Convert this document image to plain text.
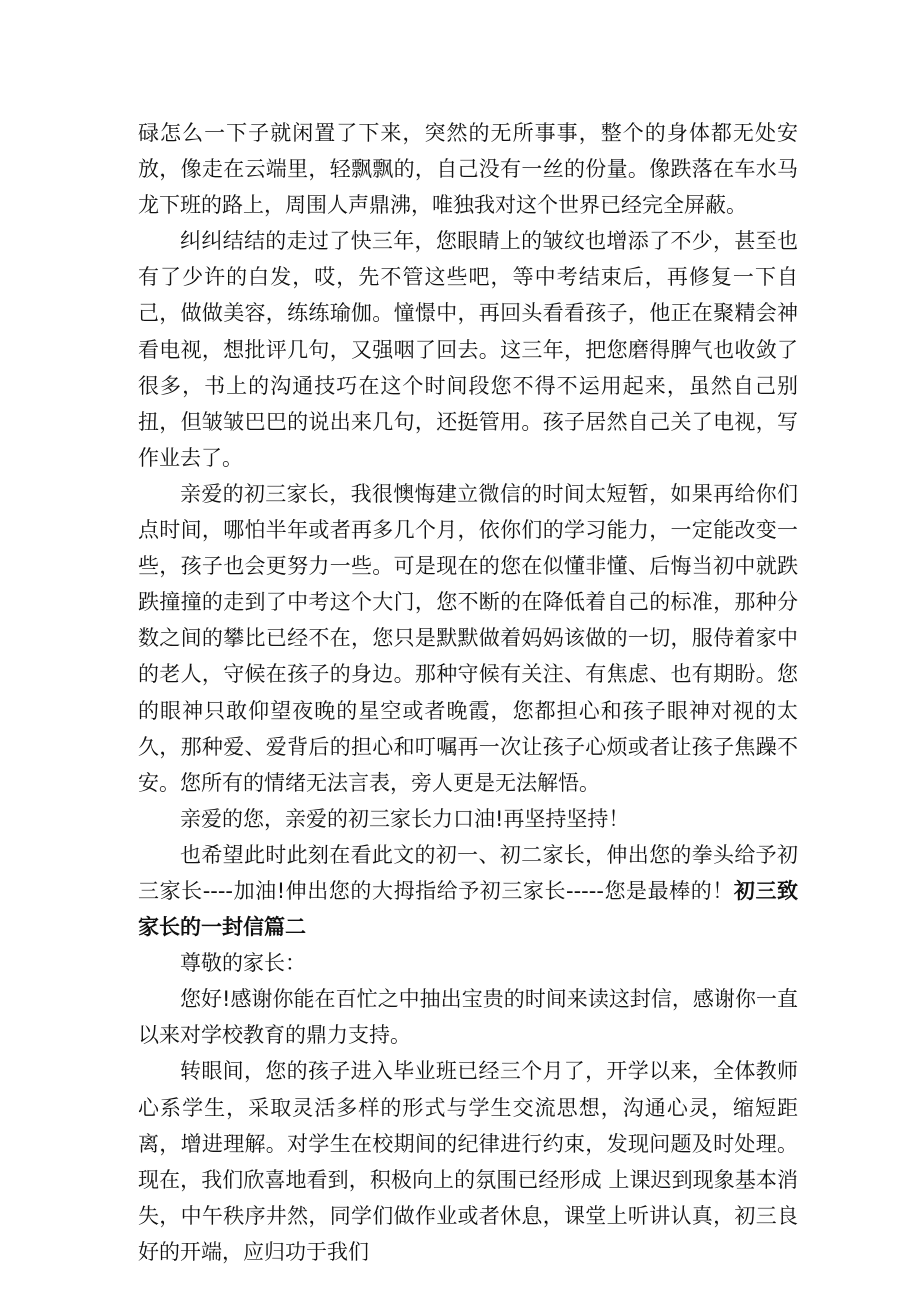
碌怎么一下子就闲置了下来，突然的无所事事，整个的身体都无处安放，像走在云端里，轻飘飘的，自己没有一丝的份量。像跌落在车水马龙下班的路上，周围人声鼎沸，唯独我对这个世界已经完全屏蔽。

纠纠结结的走过了快三年，您眼睛上的皱纹也增添了不少，甚至也有了少许的白发，哎，先不管这些吧，等中考结束后，再修复一下自己，做做美容，练练瑜伽。憧憬中，再回头看看孩子，他正在聚精会神看电视，想批评几句，又强咽了回去。这三年，把您磨得脾气也收敛了很多，书上的沟通技巧在这个时间段您不得不运用起来，虽然自己别扭，但皱皱巴巴的说出来几句，还挺管用。孩子居然自己关了电视，写作业去了。

亲爱的初三家长，我很懊悔建立微信的时间太短暂，如果再给你们点时间，哪怕半年或者再多几个月，依你们的学习能力，一定能改变一些，孩子也会更努力一些。可是现在的您在似懂非懂、后悔当初中就跌跌撞撞的走到了中考这个大门，您不断的在降低着自己的标准，那种分数之间的攀比已经不在，您只是默默做着妈妈该做的一切，服侍着家中的老人，守候在孩子的身边。那种守候有关注、有焦虑、也有期盼。您的眼神只敢仰望夜晚的星空或者晚霞，您都担心和孩子眼神对视的太久，那种爱、爱背后的担心和叮嘱再一次让孩子心烦或者让孩子焦躁不安。您所有的情绪无法言表，旁人更是无法解悟。

亲爱的您，亲爱的初三家长力口油!再坚持坚持！

也希望此时此刻在看此文的初一、初二家长，伸出您的拳头给予初三家长----加油!伸出您的大拇指给予初三家长-----您是最棒的！初三致家长的一封信篇二

尊敬的家长：

您好!感谢你能在百忙之中抽出宝贵的时间来读这封信，感谢你一直以来对学校教育的鼎力支持。

转眼间，您的孩子进入毕业班已经三个月了，开学以来，全体教师心系学生，采取灵活多样的形式与学生交流思想，沟通心灵，缩短距离，增进理解。对学生在校期间的纪律进行约束，发现问题及时处理。现在，我们欣喜地看到，积极向上的氛围已经形成 上课迟到现象基本消失，中午秩序井然，同学们做作业或者休息，课堂上听讲认真，初三良好的开端，应归功于我们
